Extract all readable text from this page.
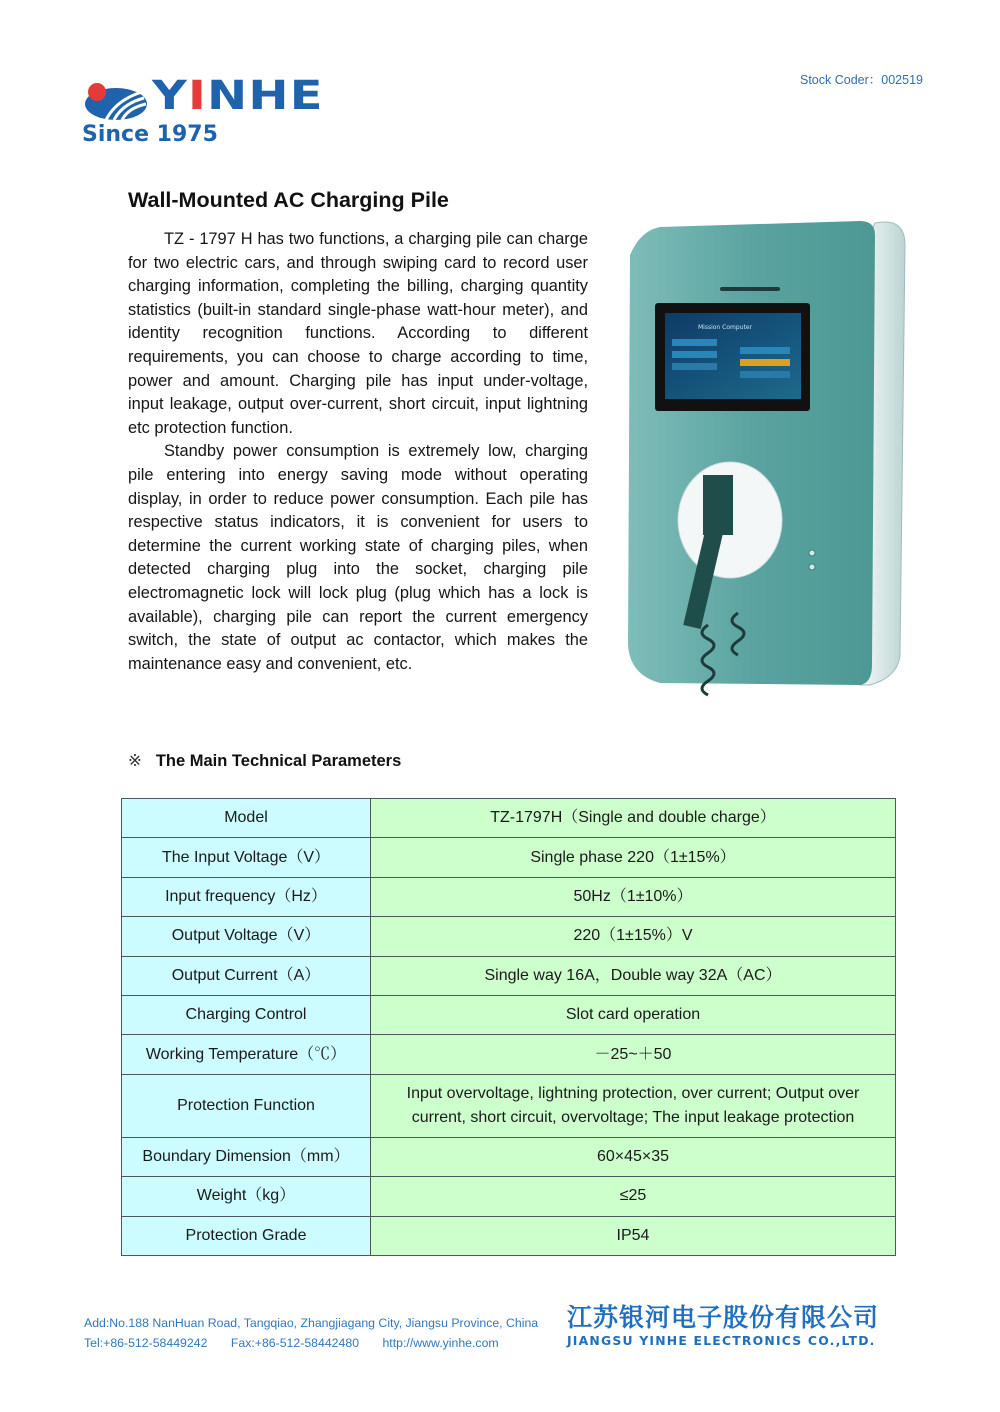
YINHE
Since 1975
Stock Coder：002519
Wall-Mounted AC Charging Pile

TZ - 1797 H has two functions, a charging pile can charge for two electric cars, and through swiping card to record user charging information, completing the billing, charging quantity statistics (built-in standard single-phase watt-hour meter), and identity recognition functions. According to different requirements, you can choose to charge according to time, power and amount. Charging pile has input under-voltage, input leakage, output over-current, short circuit, input lightning etc protection function.

Standby power consumption is extremely low, charging pile entering into energy saving mode without operating display, in order to reduce power consumption. Each pile has respective status indicators, it is convenient for users to determine the current working state of charging piles, when detected charging plug into the socket, charging pile electromagnetic lock will lock plug (plug which has a lock is available), charging pile can report the current emergency switch, the state of output ac contactor, which makes the maintenance easy and convenient, etc.

Mission Computer
※ The Main Technical Parameters
Model	TZ-1797H（Single and double charge）
The Input Voltage（V）	Single phase 220（1±15%）
Input frequency（Hz）	50Hz（1±10%）
Output Voltage（V）	220（1±15%）V
Output Current（A）	Single way 16A，Double way 32A（AC）
Charging Control	Slot card operation
Working Temperature（℃）	－25~＋50
Protection Function	Input overvoltage, lightning protection, over current; Output over current, short circuit, overvoltage; The input leakage protection
Boundary Dimension（mm）	60×45×35
Weight（kg）	≤25
Protection Grade	IP54
Add:No.188 NanHuan Road, Tangqiao, Zhangjiagang City, Jiangsu Province, China
Tel:+86-512-58449242 Fax:+86-512-58442480 http://www.yinhe.com
江苏银河电子股份有限公司
JIANGSU YINHE ELECTRONICS CO.,LTD.
